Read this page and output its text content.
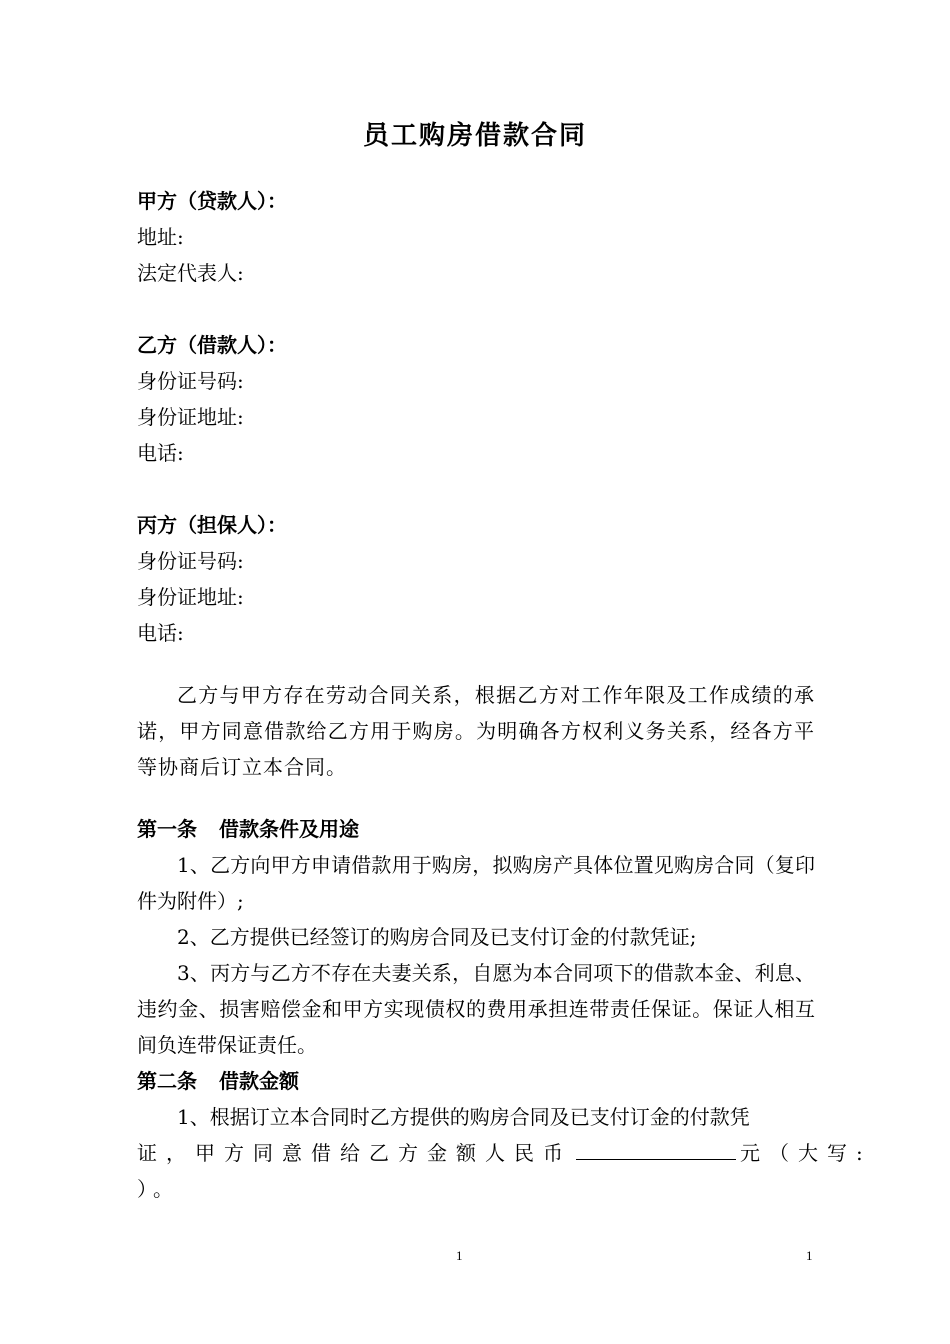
员工购房借款合同
甲方（贷款人）：
地址:
法定代表人:
乙方（借款人）：
身份证号码:
身份证地址:
电话:
丙方（担保人）：
身份证号码:
身份证地址:
电话:
乙方与甲方存在劳动合同关系，根据乙方对工作年限及工作成绩的承诺，甲方同意借款给乙方用于购房。为明确各方权利义务关系，经各方平等协商后订立本合同。
第一条 借款条件及用途
1、乙方向甲方申请借款用于购房，拟购房产具体位置见购房合同（复印件为附件）;
2、乙方提供已经签订的购房合同及已支付订金的付款凭证;
3、丙方与乙方不存在夫妻关系，自愿为本合同项下的借款本金、利息、违约金、损害赔偿金和甲方实现债权的费用承担连带责任保证。保证人相互间负连带保证责任。
第二条 借款金额
1、根据订立本合同时乙方提供的购房合同及已支付订金的付款凭
证，甲方同意借给乙方金额人民币	元（大写:
）。
1	1
